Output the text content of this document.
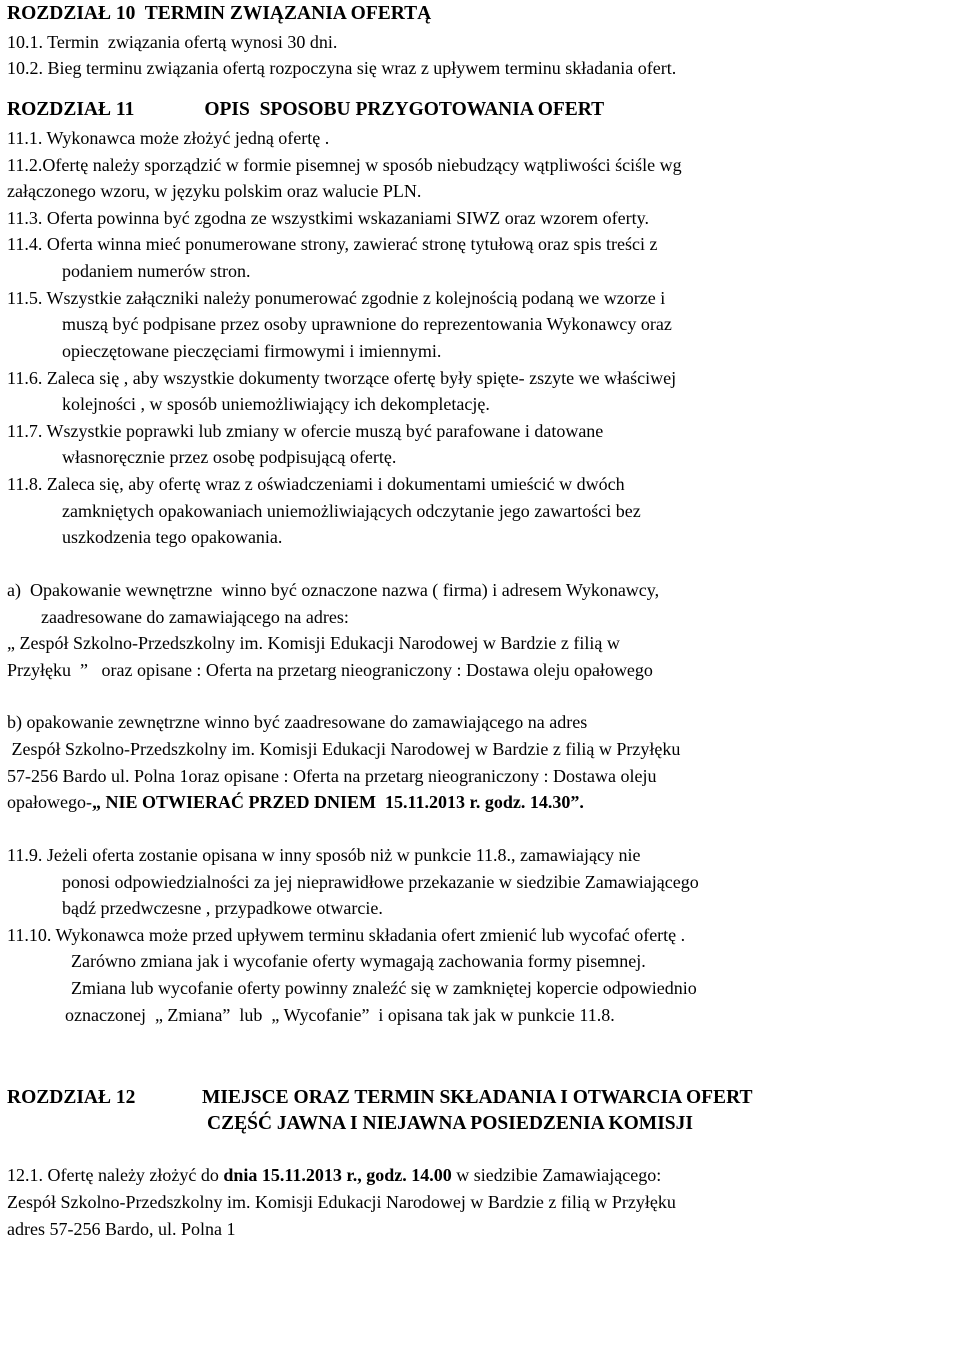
ROZDZIAŁ 10  TERMIN ZWIĄZANIA OFERTĄ
10.1. Termin  związania ofertą wynosi 30 dni.
10.2. Bieg terminu związania ofertą rozpoczyna się wraz z upływem terminu składania ofert.
ROZDZIAŁ 11	OPIS  SPOSOBU PRZYGOTOWANIA OFERT
11.1. Wykonawca może złożyć jedną ofertę .
11.2.Ofertę należy sporządzić w formie pisemnej w sposób niebudzący wątpliwości ściśle wg
załączonego wzoru, w języku polskim oraz walucie PLN.
11.3. Oferta powinna być zgodna ze wszystkimi wskazaniami SIWZ oraz wzorem oferty.
11.4. Oferta winna mieć ponumerowane strony, zawierać stronę tytułową oraz spis treści z
podaniem numerów stron.
11.5. Wszystkie załączniki należy ponumerować zgodnie z kolejnością podaną we wzorze i
muszą być podpisane przez osoby uprawnione do reprezentowania Wykonawcy oraz
opieczętowane pieczęciami firmowymi i imiennymi.
11.6. Zaleca się , aby wszystkie dokumenty tworzące ofertę były spięte- zszyte we właściwej
kolejności , w sposób uniemożliwiający ich dekompletację.
11.7. Wszystkie poprawki lub zmiany w ofercie muszą być parafowane i datowane
własnoręcznie przez osobę podpisującą ofertę.
11.8. Zaleca się, aby ofertę wraz z oświadczeniami i dokumentami umieścić w dwóch
zamkniętych opakowaniach uniemożliwiających odczytanie jego zawartości bez
uszkodzenia tego opakowania.
a)  Opakowanie wewnętrzne  winno być oznaczone nazwa ( firma) i adresem Wykonawcy,
zaadresowane do zamawiającego na adres:
„ Zespół Szkolno-Przedszkolny im. Komisji Edukacji Narodowej w Bardzie z filią w
Przyłęku  ”   oraz opisane : Oferta na przetarg nieograniczony : Dostawa oleju opałowego
b) opakowanie zewnętrzne winno być zaadresowane do zamawiającego na adres
Zespół Szkolno-Przedszkolny im. Komisji Edukacji Narodowej w Bardzie z filią w Przyłęku
57-256 Bardo ul. Polna 1oraz opisane : Oferta na przetarg nieograniczony : Dostawa oleju
opałowego-„ NIE OTWIERAĆ PRZED DNIEM  15.11.2013 r. godz. 14.30”.
11.9. Jeżeli oferta zostanie opisana w inny sposób niż w punkcie 11.8., zamawiający nie
ponosi odpowiedzialności za jej nieprawidłowe przekazanie w siedzibie Zamawiającego
bądź przedwczesne , przypadkowe otwarcie.
11.10. Wykonawca może przed upływem terminu składania ofert zmienić lub wycofać ofertę .
Zarówno zmiana jak i wycofanie oferty wymagają zachowania formy pisemnej.
Zmiana lub wycofanie oferty powinny znaleźć się w zamkniętej kopercie odpowiednio
oznaczonej  „ Zmiana”  lub  „ Wycofanie”  i opisana tak jak w punkcie 11.8.
ROZDZIAŁ 12	MIEJSCE ORAZ TERMIN SKŁADANIA I OTWARCIA OFERT
CZĘŚĆ JAWNA I NIEJAWNA POSIEDZENIA KOMISJI
12.1. Ofertę należy złożyć do dnia 15.11.2013 r., godz. 14.00 w siedzibie Zamawiającego:
Zespół Szkolno-Przedszkolny im. Komisji Edukacji Narodowej w Bardzie z filią w Przyłęku
adres 57-256 Bardo, ul. Polna 1
